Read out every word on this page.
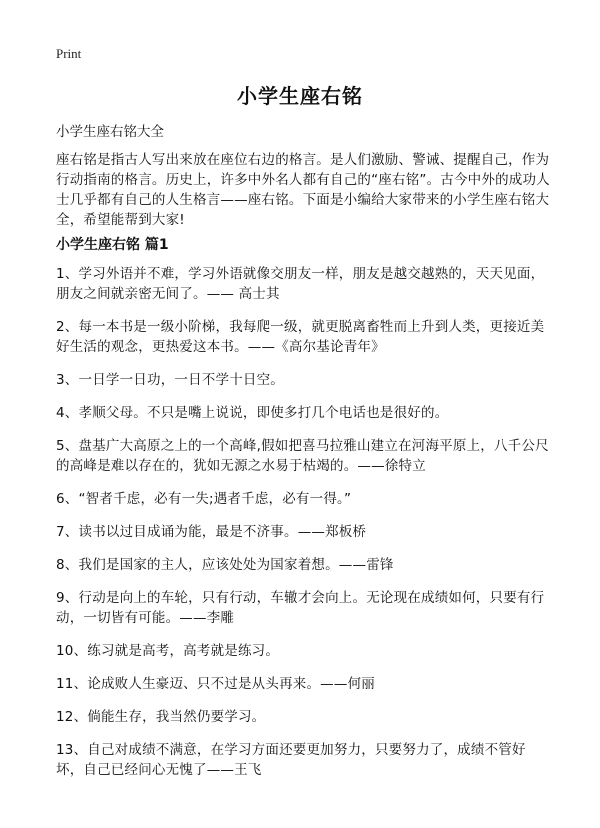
Print
小学生座右铭
小学生座右铭大全
座右铭是指古人写出来放在座位右边的格言。是人们激励、警诫、提醒自己，作为行动指南的格言。历史上，许多中外名人都有自己的“座右铭”。古今中外的成功人士几乎都有自己的人生格言——座右铭。下面是小编给大家带来的小学生座右铭大全，希望能帮到大家!
小学生座右铭 篇1
1、学习外语并不难，学习外语就像交朋友一样，朋友是越交越熟的，天天见面，朋友之间就亲密无间了。—— 高士其
2、每一本书是一级小阶梯，我每爬一级，就更脱离畜牲而上升到人类，更接近美好生活的观念，更热爱这本书。——《高尔基论青年》
3、一日学一日功，一日不学十日空。
4、孝顺父母。不只是嘴上说说，即使多打几个电话也是很好的。
5、盘基广大高原之上的一个高峰,假如把喜马拉雅山建立在河海平原上，八千公尺的高峰是难以存在的，犹如无源之水易于枯竭的。——徐特立
6、“智者千虑，必有一失;遇者千虑，必有一得。”
7、读书以过目成诵为能，最是不济事。——郑板桥
8、我们是国家的主人，应该处处为国家着想。——雷锋
9、行动是向上的车轮，只有行动，车辙才会向上。无论现在成绩如何，只要有行动，一切皆有可能。——李雕
10、练习就是高考，高考就是练习。
11、论成败人生豪迈、只不过是从头再来。——何丽
12、倘能生存，我当然仍要学习。
13、自己对成绩不满意，在学习方面还要更加努力，只要努力了，成绩不管好坏，自己已经问心无愧了——王飞
